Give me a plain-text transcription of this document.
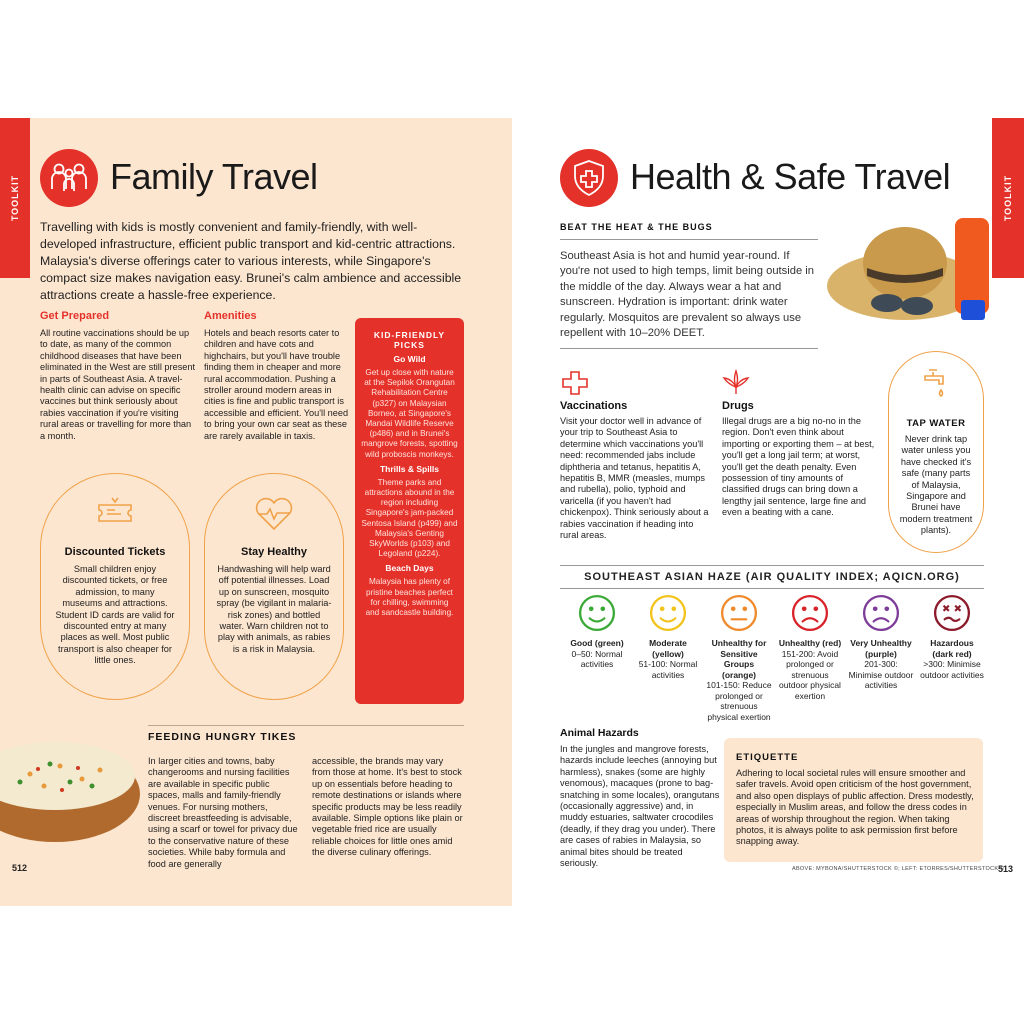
TOOLKIT	Family Travel
Travelling with kids is mostly convenient and family-friendly, with well-developed infrastructure, efficient public transport and kid-centric attractions. Malaysia's diverse offerings cater to various interests, while Singapore's compact size makes navigation easy. Brunei's calm ambience and accessible attractions create a hassle-free experience.
Get Prepared
All routine vaccinations should be up to date, as many of the common childhood diseases that have been eliminated in the West are still present in parts of Southeast Asia. A travel-health clinic can advise on specific vaccines but think seriously about rabies vaccination if you're visiting rural areas or travelling for more than a month.
Amenities
Hotels and beach resorts cater to children and have cots and highchairs, but you'll have trouble finding them in cheaper and more rural accommodation. Pushing a stroller around modern areas in cities is fine and public transport is accessible and efficient. You'll need to bring your own car seat as these are rarely available in taxis.
KID-FRIENDLY PICKS
Go Wild
Get up close with nature at the Sepilok Orangutan Rehabilitation Centre (p327) on Malaysian Borneo, at Singapore's Mandai Wildlife Reserve (p486) and in Brunei's mangrove forests, spotting wild proboscis monkeys.
Thrills & Spills
Theme parks and attractions abound in the region including Singapore's jam-packed Sentosa Island (p499) and Malaysia's Genting SkyWorlds (p103) and Legoland (p224).
Beach Days
Malaysia has plenty of pristine beaches perfect for chilling, swimming and sandcastle building.
Discounted Tickets
Small children enjoy discounted tickets, or free admission, to many museums and attractions. Student ID cards are valid for discounted entry at many places as well. Most public transport is also cheaper for little ones.
Stay Healthy
Handwashing will help ward off potential illnesses. Load up on sunscreen, mosquito spray (be vigilant in malaria-risk zones) and bottled water. Warn children not to play with animals, as rabies is a risk in Malaysia.
FEEDING HUNGRY TIKES
In larger cities and towns, baby changerooms and nursing facilities are available in specific public spaces, malls and family-friendly venues. For nursing mothers, discreet breastfeeding is advisable, using a scarf or towel for privacy due to the conservative nature of these societies. While baby formula and food are generally
accessible, the brands may vary from those at home. It's best to stock up on essentials before heading to remote destinations or islands where specific products may be less readily available. Simple options like plain or vegetable fried rice are usually reliable choices for little ones amid the diverse culinary offerings.
512
TOOLKIT
Health & Safe Travel
BEAT THE HEAT & THE BUGS
Southeast Asia is hot and humid year-round. If you're not used to high temps, limit being outside in the middle of the day. Always wear a hat and sunscreen. Hydration is important: drink water regularly. Mosquitos are prevalent so always use repellent with 10–20% DEET.
Vaccinations
Visit your doctor well in advance of your trip to Southeast Asia to determine which vaccinations you'll need: recommended jabs include diphtheria and tetanus, hepatitis A, hepatitis B, MMR (measles, mumps and rubella), polio, typhoid and varicella (if you haven't had chickenpox). Think seriously about a rabies vaccination if heading into rural areas.
Drugs
Illegal drugs are a big no-no in the region. Don't even think about importing or exporting them – at best, you'll get a long jail term; at worst, you'll get the death penalty. Even possession of tiny amounts of classified drugs can bring down a lengthy jail sentence, large fine and even a beating with a cane.
TAP WATER
Never drink tap water unless you have checked it's safe (many parts of Malaysia, Singapore and Brunei have modern treatment plants).
SOUTHEAST ASIAN HAZE (AIR QUALITY INDEX; AQICN.ORG)
Good (green)
0–50: Normal activities
Moderate (yellow)
51-100: Normal activities
Unhealthy for Sensitive Groups (orange)
101-150: Reduce prolonged or strenuous physical exertion
Unhealthy (red)
151-200: Avoid prolonged or strenuous outdoor physical exertion
Very Unhealthy (purple)
201-300: Minimise outdoor activities
Hazardous (dark red)
>300: Minimise outdoor activities
Animal Hazards
In the jungles and mangrove forests, hazards include leeches (annoying but harmless), snakes (some are highly venomous), macaques (prone to bag-snatching in some locales), orangutans (occasionally aggressive) and, in muddy estuaries, saltwater crocodiles (deadly, if they drag you under). There are cases of rabies in Malaysia, so animal bites should be treated seriously.
ABOVE: MYBONA/SHUTTERSTOCK ©; LEFT: ETORRES/SHUTTERSTOCK ©
513
ETIQUETTE
Adhering to local societal rules will ensure smoother and safer travels. Avoid open criticism of the host government, and also open displays of public affection. Dress modestly, especially in Muslim areas, and follow the dress codes in areas of worship throughout the region. When taking photos, it is always polite to ask permission first before snapping away.
